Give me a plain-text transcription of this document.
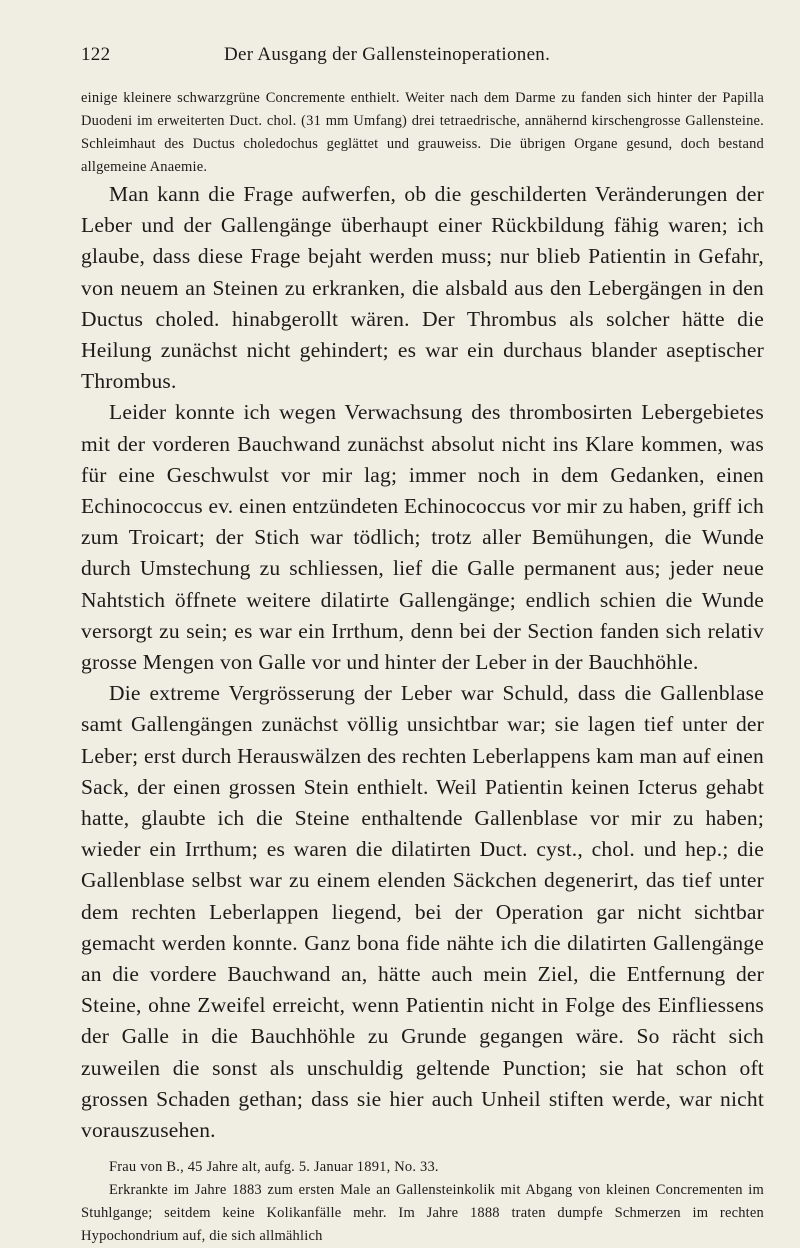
122	Der Ausgang der Gallensteinoperationen.

einige kleinere schwarzgrüne Concremente enthielt. Weiter nach dem Darme zu fanden sich hinter der Papilla Duodeni im erweiterten Duct. chol. (31 mm Umfang) drei tetraedrische, annähernd kirschengrosse Gallensteine. Schleimhaut des Ductus choledochus geglättet und grauweiss. Die übrigen Organe gesund, doch bestand allgemeine Anaemie.

Man kann die Frage aufwerfen, ob die geschilderten Veränderungen der Leber und der Gallengänge überhaupt einer Rückbildung fähig waren; ich glaube, dass diese Frage bejaht werden muss; nur blieb Patientin in Gefahr, von neuem an Steinen zu erkranken, die alsbald aus den Lebergängen in den Ductus choled. hinabgerollt wären. Der Thrombus als solcher hätte die Heilung zunächst nicht gehindert; es war ein durchaus blander aseptischer Thrombus.

Leider konnte ich wegen Verwachsung des thrombosirten Lebergebietes mit der vorderen Bauchwand zunächst absolut nicht ins Klare kommen, was für eine Geschwulst vor mir lag; immer noch in dem Gedanken, einen Echinococcus ev. einen entzündeten Echinococcus vor mir zu haben, griff ich zum Troicart; der Stich war tödlich; trotz aller Bemühungen, die Wunde durch Umstechung zu schliessen, lief die Galle permanent aus; jeder neue Nahtstich öffnete weitere dilatirte Gallengänge; endlich schien die Wunde versorgt zu sein; es war ein Irrthum, denn bei der Section fanden sich relativ grosse Mengen von Galle vor und hinter der Leber in der Bauchhöhle.

Die extreme Vergrösserung der Leber war Schuld, dass die Gallenblase samt Gallengängen zunächst völlig unsichtbar war; sie lagen tief unter der Leber; erst durch Herauswälzen des rechten Leberlappens kam man auf einen Sack, der einen grossen Stein enthielt. Weil Patientin keinen Icterus gehabt hatte, glaubte ich die Steine enthaltende Gallenblase vor mir zu haben; wieder ein Irrthum; es waren die dilatirten Duct. cyst., chol. und hep.; die Gallenblase selbst war zu einem elenden Säckchen degenerirt, das tief unter dem rechten Leberlappen liegend, bei der Operation gar nicht sichtbar gemacht werden konnte. Ganz bona fide nähte ich die dilatirten Gallengänge an die vordere Bauchwand an, hätte auch mein Ziel, die Entfernung der Steine, ohne Zweifel erreicht, wenn Patientin nicht in Folge des Einfliessens der Galle in die Bauchhöhle zu Grunde gegangen wäre. So rächt sich zuweilen die sonst als unschuldig geltende Punction; sie hat schon oft grossen Schaden gethan; dass sie hier auch Unheil stiften werde, war nicht vorauszusehen.

Frau von B., 45 Jahre alt, aufg. 5. Januar 1891, No. 33.

Erkrankte im Jahre 1883 zum ersten Male an Gallensteinkolik mit Abgang von kleinen Concrementen im Stuhlgange; seitdem keine Kolikanfälle mehr. Im Jahre 1888 traten dumpfe Schmerzen im rechten Hypochondrium auf, die sich allmählich
